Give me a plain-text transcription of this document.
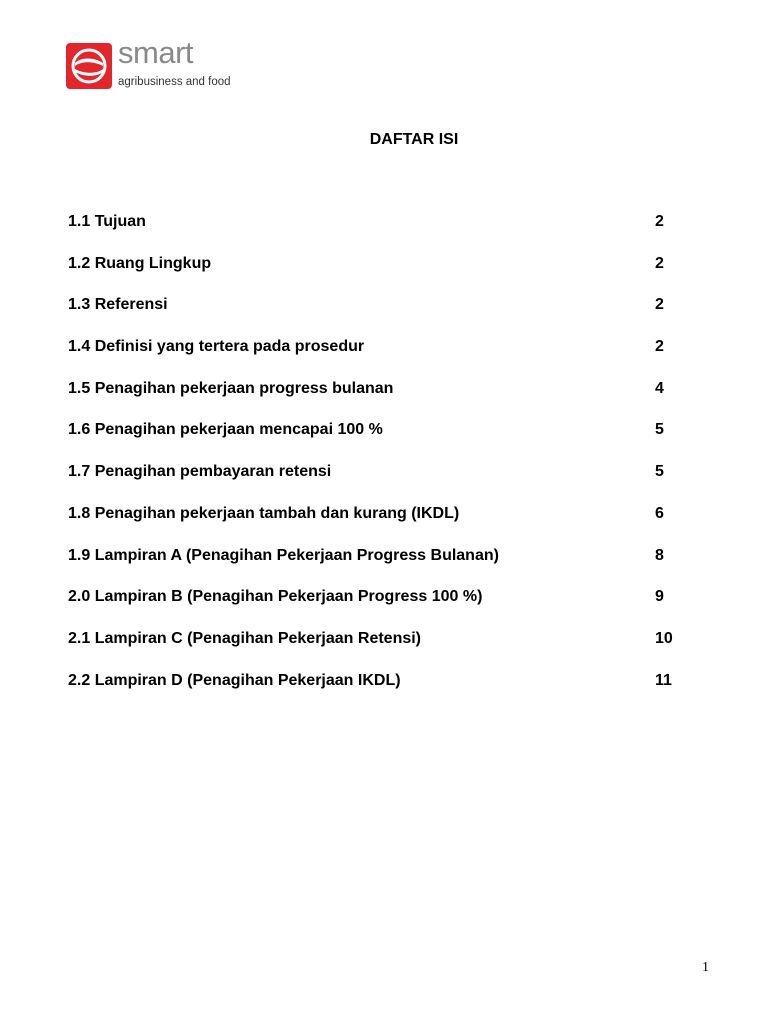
smart
agribusiness and food
DAFTAR ISI
1.1 Tujuan	2
1.2 Ruang Lingkup	2
1.3 Referensi	2
1.4 Definisi yang tertera pada prosedur	2
1.5 Penagihan pekerjaan progress bulanan	4
1.6 Penagihan pekerjaan mencapai 100 %	5
1.7 Penagihan pembayaran retensi	5
1.8 Penagihan pekerjaan tambah dan kurang (IKDL)	6
1.9 Lampiran A (Penagihan Pekerjaan Progress Bulanan)	8
2.0 Lampiran B (Penagihan Pekerjaan Progress 100 %)	9
2.1 Lampiran C (Penagihan Pekerjaan Retensi)	10
2.2 Lampiran D (Penagihan Pekerjaan IKDL)	11
1
